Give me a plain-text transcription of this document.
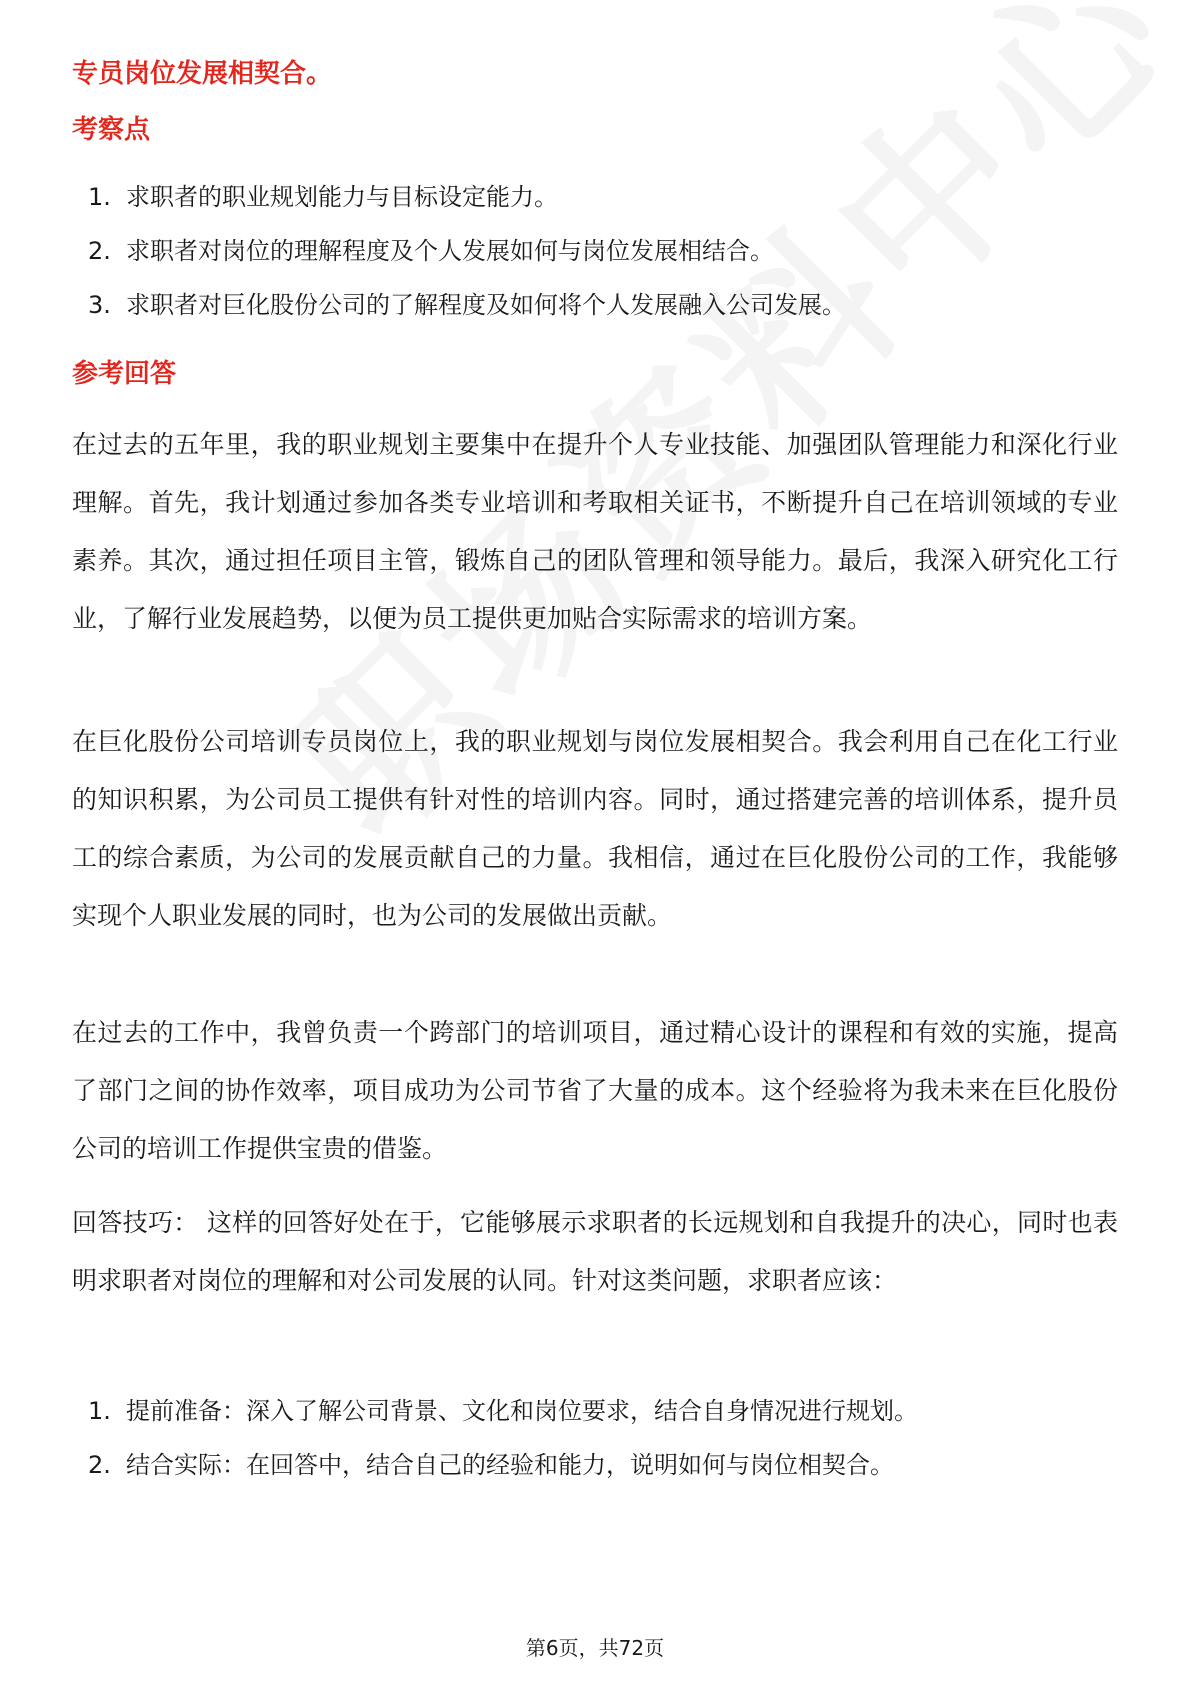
专员岗位发展相契合。
考察点
1. 求职者的职业规划能力与目标设定能力。
2. 求职者对岗位的理解程度及个人发展如何与岗位发展相结合。
3. 求职者对巨化股份公司的了解程度及如何将个人发展融入公司发展。
参考回答

在过去的五年里，我的职业规划主要集中在提升个人专业技能、加强团队管理能力和深化行业理解。首先，我计划通过参加各类专业培训和考取相关证书，不断提升自己在培训领域的专业素养。其次，通过担任项目主管，锻炼自己的团队管理和领导能力。最后，我深入研究化工行业，了解行业发展趋势，以便为员工提供更加贴合实际需求的培训方案。

在巨化股份公司培训专员岗位上，我的职业规划与岗位发展相契合。我会利用自己在化工行业的知识积累，为公司员工提供有针对性的培训内容。同时，通过搭建完善的培训体系，提升员工的综合素质，为公司的发展贡献自己的力量。我相信，通过在巨化股份公司的工作，我能够实现个人职业发展的同时，也为公司的发展做出贡献。

在过去的工作中，我曾负责一个跨部门的培训项目，通过精心设计的课程和有效的实施，提高了部门之间的协作效率，项目成功为公司节省了大量的成本。这个经验将为我未来在巨化股份公司的培训工作提供宝贵的借鉴。

回答技巧： 这样的回答好处在于，它能够展示求职者的长远规划和自我提升的决心，同时也表明求职者对岗位的理解和对公司发展的认同。针对这类问题，求职者应该：

1. 提前准备：深入了解公司背景、文化和岗位要求，结合自身情况进行规划。
2. 结合实际：在回答中，结合自己的经验和能力，说明如何与岗位相契合。
第6页，共72页
